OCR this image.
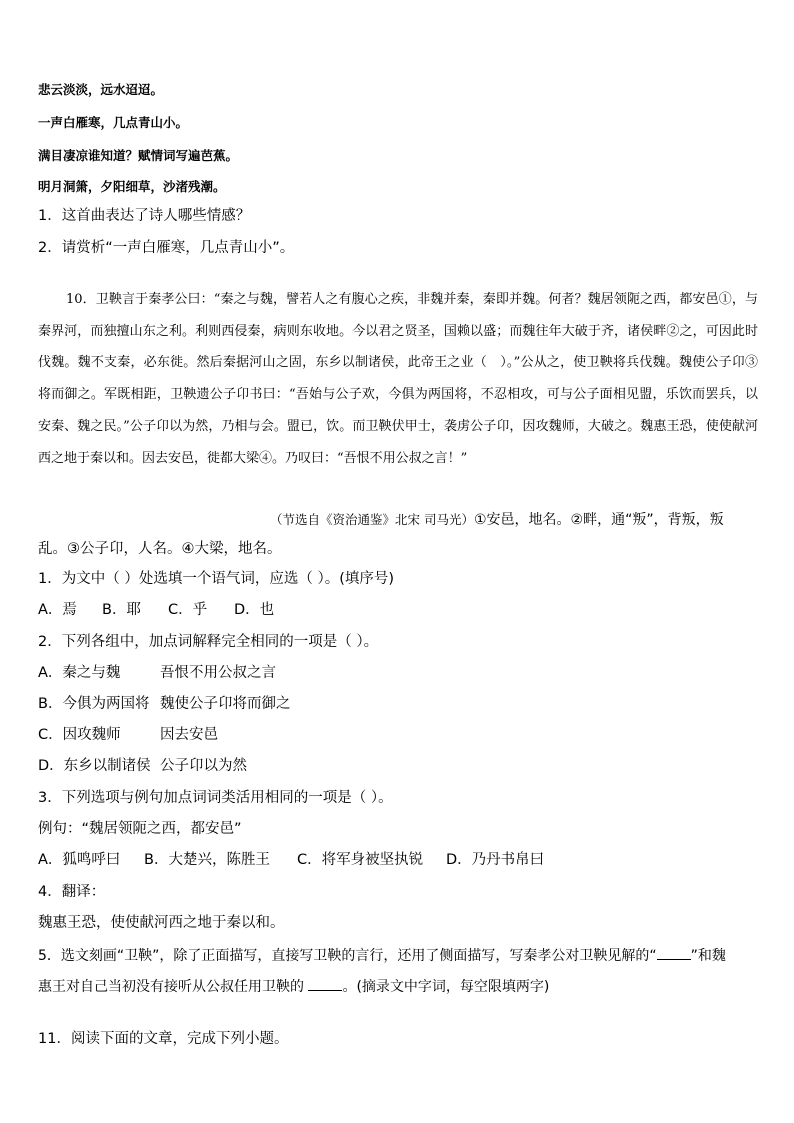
悲云淡淡，远水迢迢。
一声白雁寒，几点青山小。
满目凄凉谁知道？赋情词写遍芭蕉。
明月洞箫，夕阳细草，沙渚残潮。
1．这首曲表达了诗人哪些情感？
2．请赏析“一声白雁寒，几点青山小”。

10．卫鞅言于秦孝公曰：“秦之与魏，譬若人之有腹心之疾，非魏并秦，秦即并魏。何者？魏居领阨之西，都安邑①，与秦界河，而独擅山东之利。利则西侵秦，病则东收地。今以君之贤圣，国赖以盛；而魏往年大破于齐，诸侯畔②之，可因此时伐魏。魏不支秦，必东徙。然后秦据河山之固，东乡以制诸侯，此帝王之业（　）。”公从之，使卫鞅将兵伐魏。魏使公子卬③将而御之。军既相距，卫鞅遗公子卬书曰：“吾始与公子欢，今俱为两国将，不忍相攻，可与公子面相见盟，乐饮而罢兵，以安秦、魏之民。”公子卬以为然，乃相与会。盟已，饮。而卫鞅伏甲士，袭虏公子卬，因攻魏师，大破之。魏惠王恐，使使献河西之地于秦以和。因去安邑，徙都大梁④。乃叹曰：“吾恨不用公叔之言！”

（节选自《资治通鉴》北宋 司马光）①安邑，地名。②畔，通“叛”，背叛，叛
乱。③公子卬，人名。④大梁，地名。
1．为文中（ ）处选填一个语气词，应选（ ）。(填序号)
A．焉 B．耶 C．乎 D．也
2．下列各组中，加点词解释完全相同的一项是（ ）。
A．秦之与魏	吾恨不用公叔之言
B．今俱为两国将 魏使公子卬将而御之
C．因攻魏师	因去安邑
D．东乡以制诸侯 公子卬以为然
3．下列选项与例句加点词词类活用相同的一项是（ ）。
例句：“魏居领阨之西，都安邑”
A．狐鸣呼曰 B．大楚兴，陈胜王 C．将军身被坚执锐 D．乃丹书帛曰
4．翻译：
魏惠王恐，使使献河西之地于秦以和。
5．选文刻画“卫鞅”，除了正面描写，直接写卫鞅的言行，还用了侧面描写，写秦孝公对卫鞅见解的“ ”和魏
惠王对自己当初没有接听从公叔任用卫鞅的	。(摘录文中字词，每空限填两字)
11．阅读下面的文章，完成下列小题。
